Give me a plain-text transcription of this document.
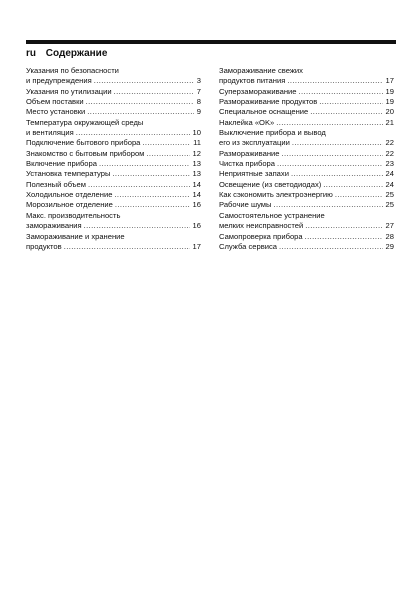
ru Содержание
Указания по безопасности
и предупреждения .....	3
Указания по утилизации .....	7
Объем поставки .....	8
Место установки .....	9
Температура окружающей среды
и вентиляция .....	10
Подключение бытового прибора .....	11
Знакомство с бытовым прибором .....	12
Включение прибора .....	13
Установка температуры .....	13
Полезный объем .....	14
Холодильное отделение .....	14
Морозильное отделение .....	16
Макс. производительность
замораживания .....	16
Замораживание и хранение
продуктов .....	17
Замораживание свежих
продуктов питания .....	17
Суперзамораживание .....	19
Размораживание продуктов .....	19
Специальное оснащение .....	20
Наклейка «OK» .....	21
Выключение прибора и вывод
его из эксплуатации .....	22
Размораживание .....	22
Чистка прибора .....	23
Неприятные запахи .....	24
Освещение (из светодиодах) .....	24
Как сэкономить электроэнергию .....	25
Рабочие шумы .....	25
Самостоятельное устранение
мелких неисправностей .....	27
Самопроверка прибора .....	28
Служба сервиса .....	29
